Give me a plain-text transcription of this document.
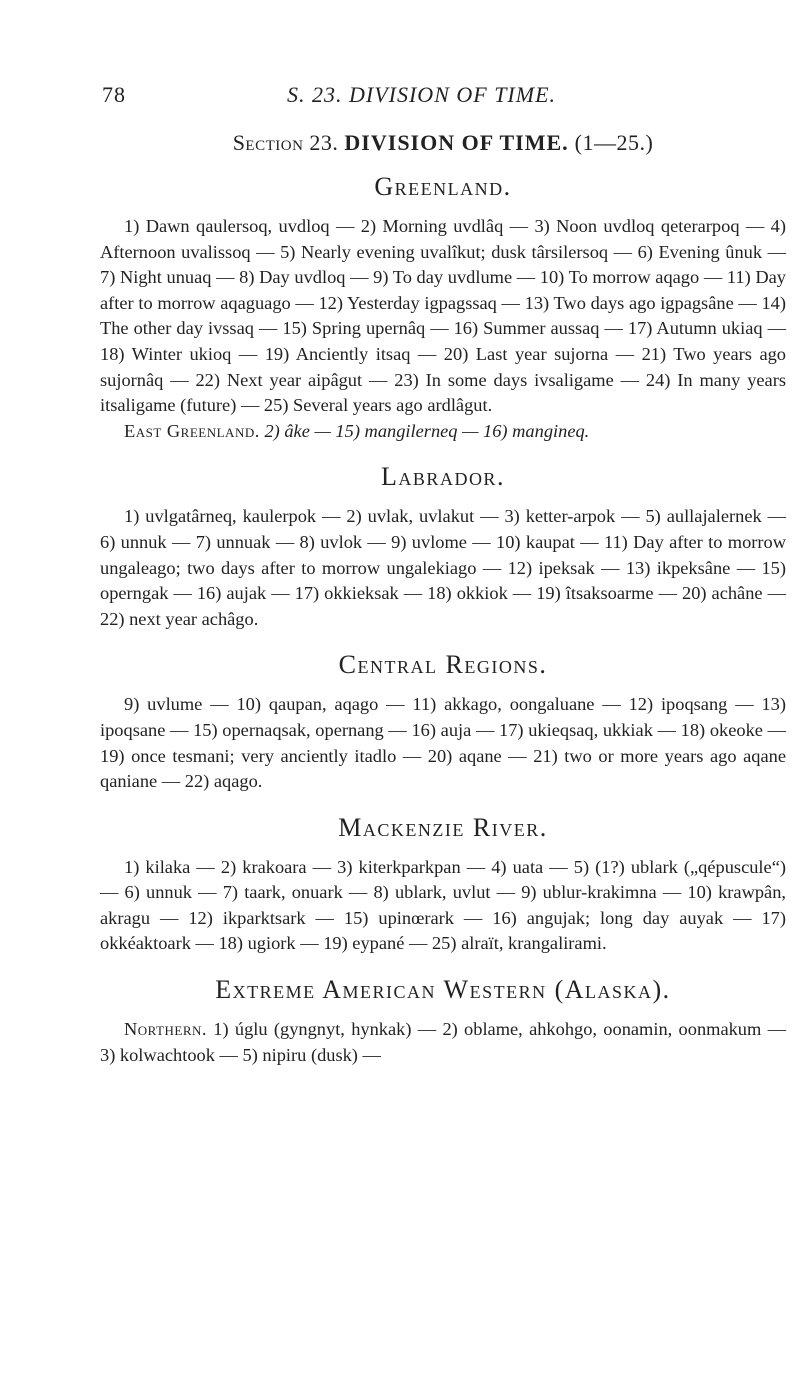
78	S. 23. DIVISION OF TIME.
Section 23. DIVISION OF TIME. (1—25.)
Greenland.

1) Dawn qaulersoq, uvdloq — 2) Morning uvdlâq — 3) Noon uvdloq qeterarpoq — 4) Afternoon uvalissoq — 5) Nearly evening uvalîkut; dusk târsilersoq — 6) Evening ûnuk — 7) Night unuaq — 8) Day uvdloq — 9) To day uvdlume — 10) To morrow aqago — 11) Day after to morrow aqaguago — 12) Yesterday igpagssaq — 13) Two days ago igpagsâne — 14) The other day ivssaq — 15) Spring upernâq — 16) Summer aussaq — 17) Autumn ukiaq — 18) Winter ukioq — 19) Anciently itsaq — 20) Last year sujorna — 21) Two years ago sujornâq — 22) Next year aipâgut — 23) In some days ivsaligame — 24) In many years itsaligame (future) — 25) Several years ago ardlâgut.

East Greenland. 2) âke — 15) mangilerneq — 16) mangineq.

Labrador.

1) uvlgatârneq, kaulerpok — 2) uvlak, uvlakut — 3) ketter-arpok — 5) aullajalernek — 6) unnuk — 7) unnuak — 8) uvlok — 9) uvlome — 10) kaupat — 11) Day after to morrow ungaleago; two days after to morrow ungalekiago — 12) ipeksak — 13) ikpeksâne — 15) operngak — 16) aujak — 17) okkieksak — 18) okkiok — 19) îtsaksoarme — 20) achâne — 22) next year achâgo.

Central Regions.

9) uvlume — 10) qaupan, aqago — 11) akkago, oongaluane — 12) ipoqsang — 13) ipoqsane — 15) opernaqsak, opernang — 16) auja — 17) ukieqsaq, ukkiak — 18) okeoke — 19) once tesmani; very anciently itadlo — 20) aqane — 21) two or more years ago aqane qaniane — 22) aqago.

Mackenzie River.

1) kilaka — 2) krakoara — 3) kiterkparkpan — 4) uata — 5) (1?) ublark („qépuscule“) — 6) unnuk — 7) taark, onuark — 8) ublark, uvlut — 9) ublur-krakimna — 10) krawpân, akragu — 12) ikparktsark — 15) upinœrark — 16) angujak; long day auyak — 17) okkéaktoark — 18) ugiork — 19) eypané — 25) alraït, krangalirami.

Extreme American Western (Alaska).

Northern. 1) úglu (gyngnyt, hynkak) — 2) oblame, ahkohgo, oonamin, oonmakum — 3) kolwachtook — 5) nipiru (dusk) —
